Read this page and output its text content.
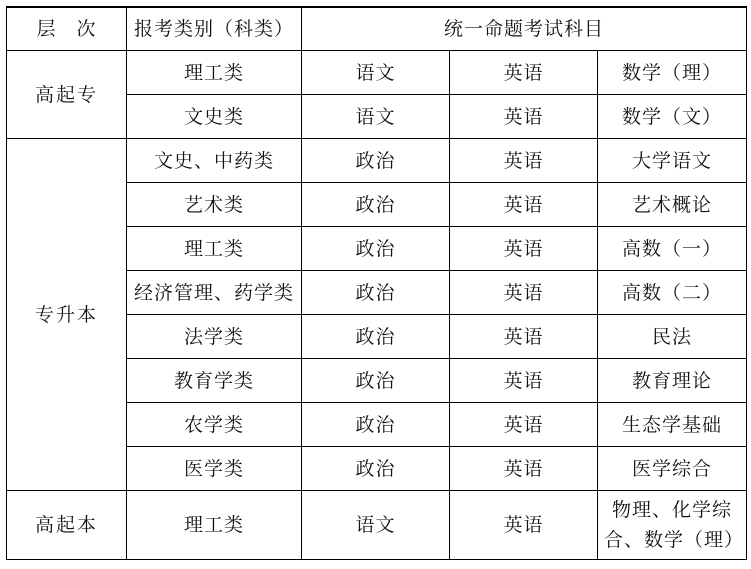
层　次	报考类别（科类）	统一命题考试科目		
高起专	理工类	语文	英语	数学（理）
	文史类	语文	英语	数学（文）
专升本	文史、中药类	政治	英语	大学语文
	艺术类	政治	英语	艺术概论
	理工类	政治	英语	高数（一）
	经济管理、药学类	政治	英语	高数（二）
	法学类	政治	英语	民法
	教育学类	政治	英语	教育理论
	农学类	政治	英语	生态学基础
	医学类	政治	英语	医学综合
高起本	理工类	语文	英语	物理、化学综合、数学（理）
